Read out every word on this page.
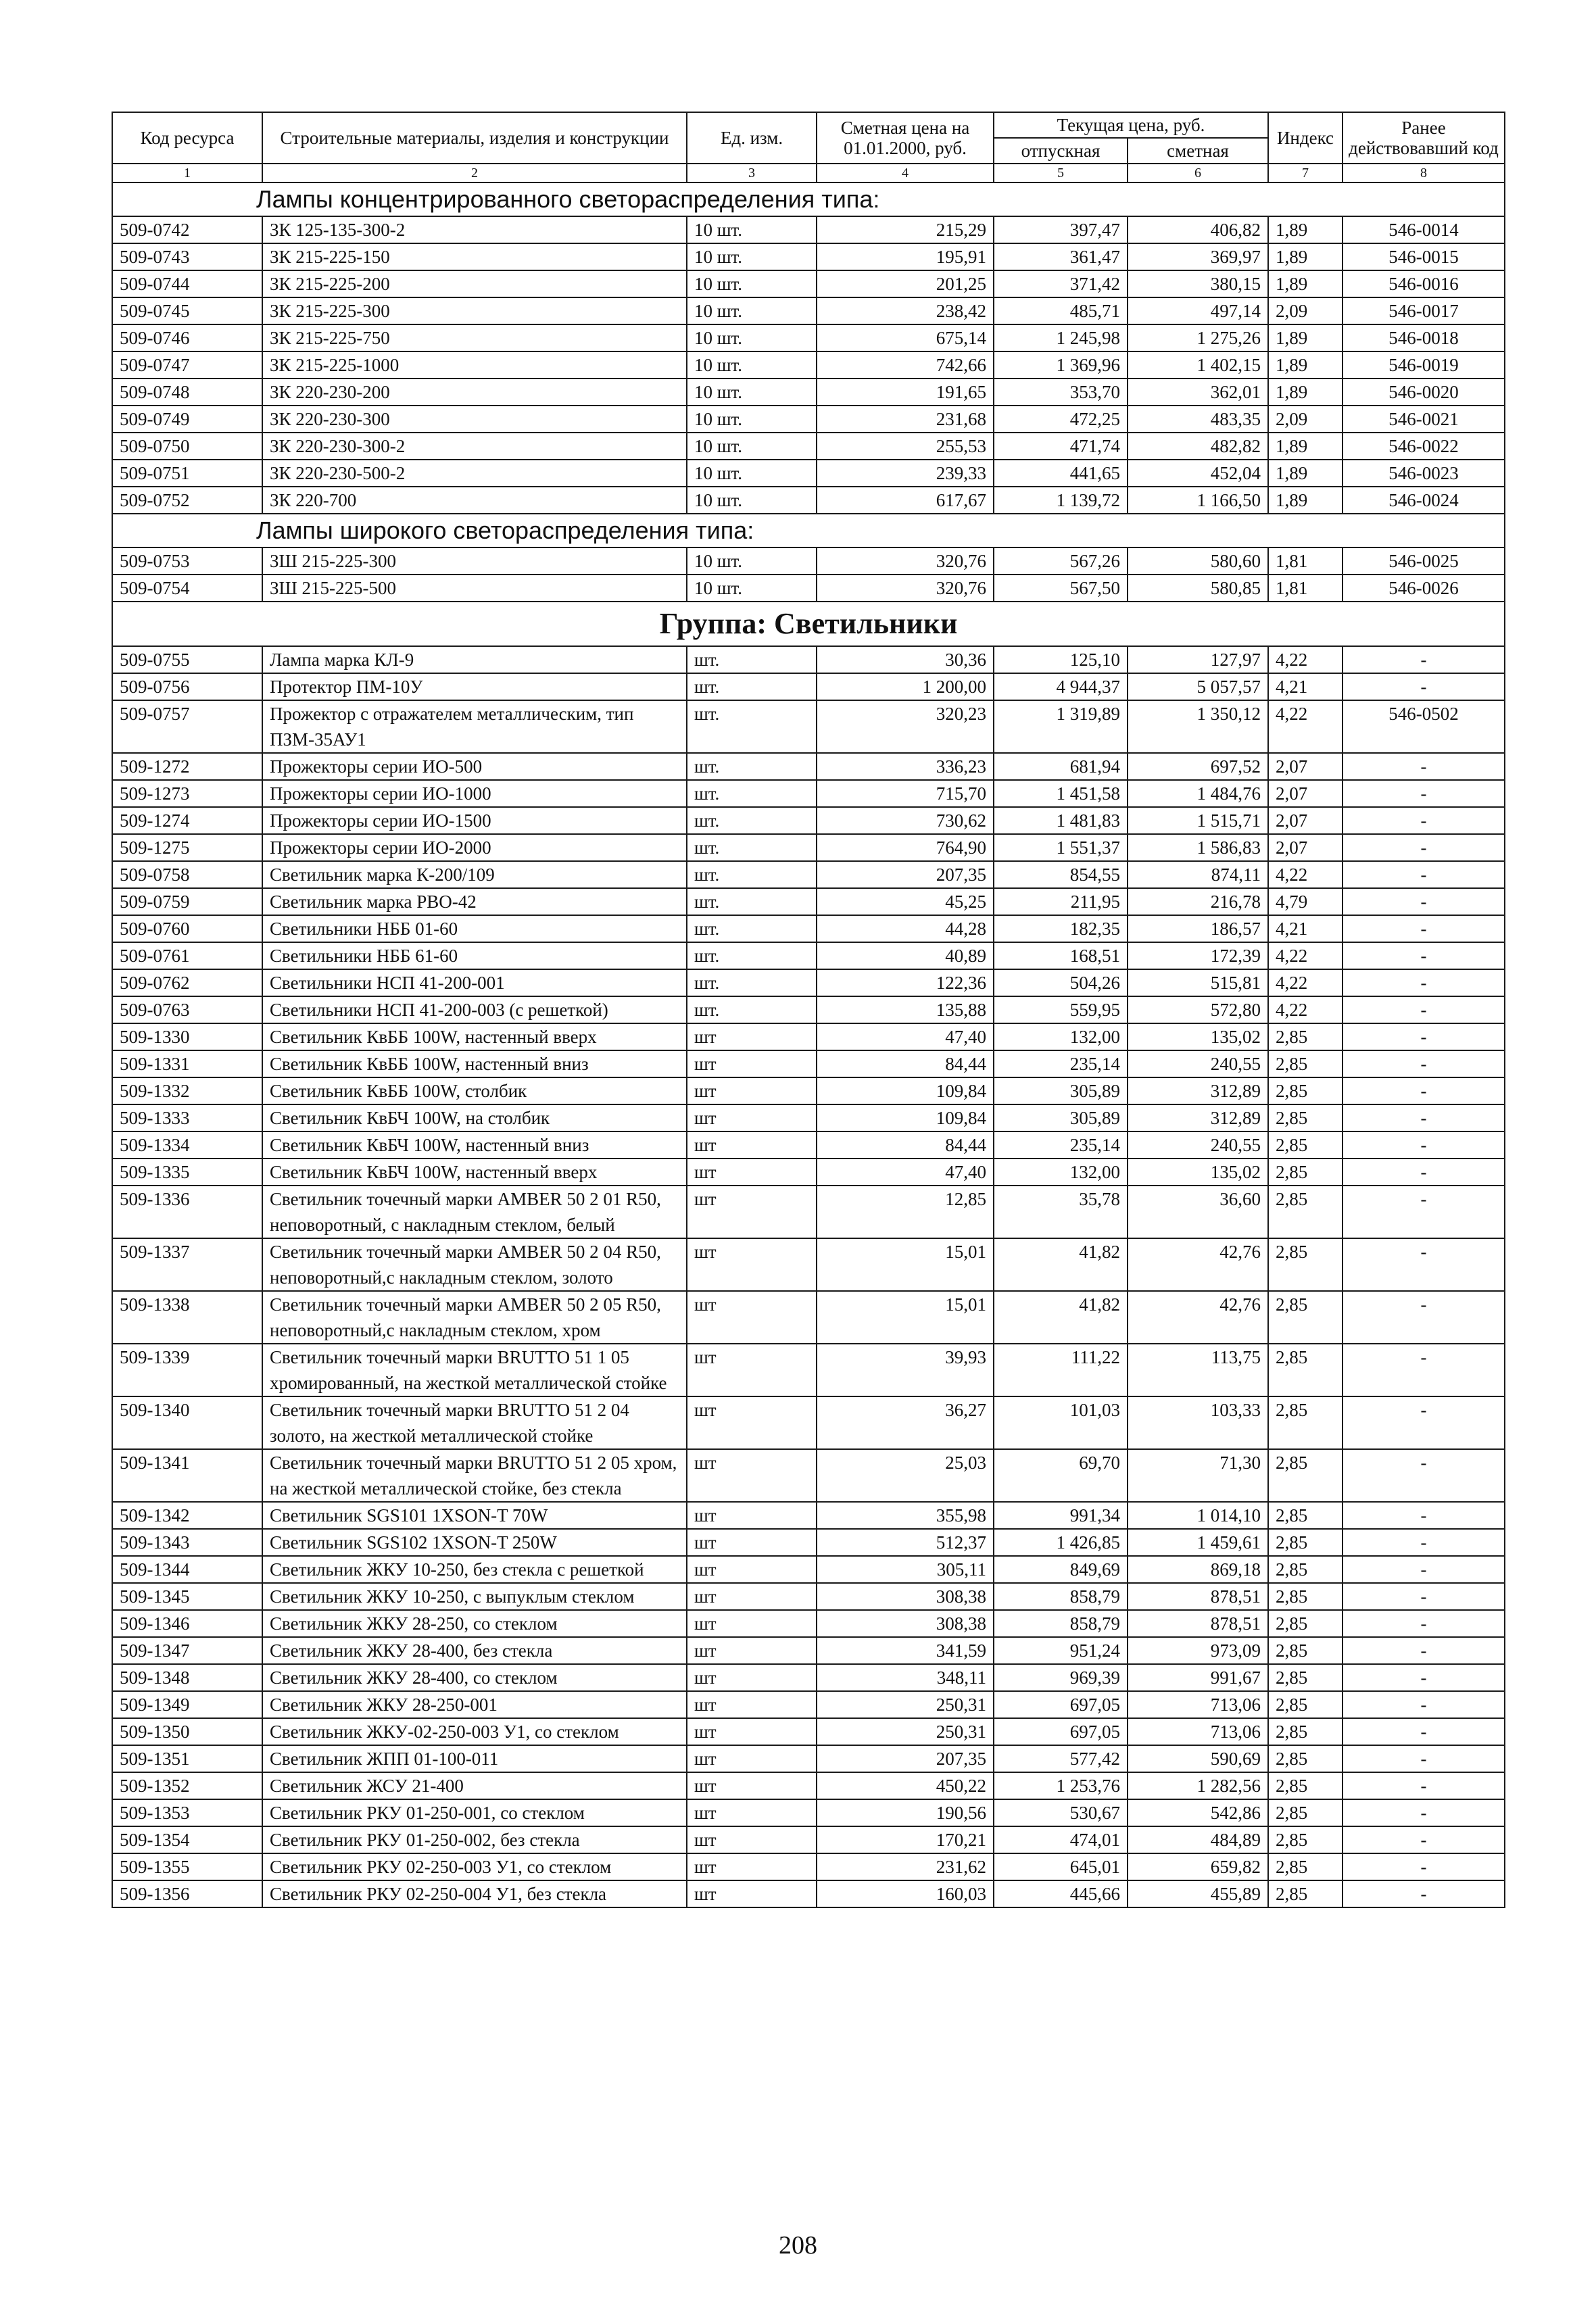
Код ресурса	Строительные материалы, изделия и конструкции	Ед. изм.	Сметная цена на 01.01.2000, руб.	Текущая цена, руб.		Индекс	Ранее действовавший код
				отпускная	сметная		
1	2	3	4	5	6	7	8
Лампы концентрированного светораспределения типа:							
509-0742	ЗК 125-135-300-2	10 шт.	215,29	397,47	406,82	1,89	546-0014
509-0743	ЗК 215-225-150	10 шт.	195,91	361,47	369,97	1,89	546-0015
509-0744	ЗК 215-225-200	10 шт.	201,25	371,42	380,15	1,89	546-0016
509-0745	ЗК 215-225-300	10 шт.	238,42	485,71	497,14	2,09	546-0017
509-0746	ЗК 215-225-750	10 шт.	675,14	1 245,98	1 275,26	1,89	546-0018
509-0747	ЗК 215-225-1000	10 шт.	742,66	1 369,96	1 402,15	1,89	546-0019
509-0748	ЗК 220-230-200	10 шт.	191,65	353,70	362,01	1,89	546-0020
509-0749	ЗК 220-230-300	10 шт.	231,68	472,25	483,35	2,09	546-0021
509-0750	ЗК 220-230-300-2	10 шт.	255,53	471,74	482,82	1,89	546-0022
509-0751	ЗК 220-230-500-2	10 шт.	239,33	441,65	452,04	1,89	546-0023
509-0752	ЗК 220-700	10 шт.	617,67	1 139,72	1 166,50	1,89	546-0024
Лампы широкого светораспределения типа:							
509-0753	ЗШ 215-225-300	10 шт.	320,76	567,26	580,60	1,81	546-0025
509-0754	ЗШ 215-225-500	10 шт.	320,76	567,50	580,85	1,81	546-0026
Группа: Светильники							
509-0755	Лампа марка КЛ-9	шт.	30,36	125,10	127,97	4,22	-
509-0756	Протектор ПМ-10У	шт.	1 200,00	4 944,37	5 057,57	4,21	-
509-0757	Прожектор с отражателем металлическим, тип ПЗМ-35АУ1	шт.	320,23	1 319,89	1 350,12	4,22	546-0502
509-1272	Прожекторы серии ИО-500	шт.	336,23	681,94	697,52	2,07	-
509-1273	Прожекторы серии ИО-1000	шт.	715,70	1 451,58	1 484,76	2,07	-
509-1274	Прожекторы серии ИО-1500	шт.	730,62	1 481,83	1 515,71	2,07	-
509-1275	Прожекторы серии ИО-2000	шт.	764,90	1 551,37	1 586,83	2,07	-
509-0758	Светильник марка К-200/109	шт.	207,35	854,55	874,11	4,22	-
509-0759	Светильник марка РВО-42	шт.	45,25	211,95	216,78	4,79	-
509-0760	Светильники НББ 01-60	шт.	44,28	182,35	186,57	4,21	-
509-0761	Светильники НББ 61-60	шт.	40,89	168,51	172,39	4,22	-
509-0762	Светильники НСП 41-200-001	шт.	122,36	504,26	515,81	4,22	-
509-0763	Светильники НСП 41-200-003 (с решеткой)	шт.	135,88	559,95	572,80	4,22	-
509-1330	Светильник КвББ 100W, настенный вверх	шт	47,40	132,00	135,02	2,85	-
509-1331	Светильник КвББ 100W, настенный вниз	шт	84,44	235,14	240,55	2,85	-
509-1332	Светильник КвББ 100W, столбик	шт	109,84	305,89	312,89	2,85	-
509-1333	Светильник КвБЧ 100W, на столбик	шт	109,84	305,89	312,89	2,85	-
509-1334	Светильник КвБЧ 100W, настенный вниз	шт	84,44	235,14	240,55	2,85	-
509-1335	Светильник КвБЧ 100W, настенный вверх	шт	47,40	132,00	135,02	2,85	-
509-1336	Светильник точечный марки AMBER 50 2 01 R50, неповоротный, с накладным стеклом, белый	шт	12,85	35,78	36,60	2,85	-
509-1337	Светильник точечный марки AMBER 50 2 04 R50, неповоротный,с накладным стеклом, золото	шт	15,01	41,82	42,76	2,85	-
509-1338	Светильник точечный марки AMBER 50 2 05 R50, неповоротный,с накладным стеклом, хром	шт	15,01	41,82	42,76	2,85	-
509-1339	Светильник точечный марки BRUTTO 51 1 05 хромированный, на жесткой металлической стойке	шт	39,93	111,22	113,75	2,85	-
509-1340	Светильник точечный марки BRUTTO 51 2 04 золото, на жесткой металлической стойке	шт	36,27	101,03	103,33	2,85	-
509-1341	Светильник точечный марки BRUTTO 51 2 05 хром, на жесткой металлической стойке, без стекла	шт	25,03	69,70	71,30	2,85	-
509-1342	Светильник SGS101 1XSON-T 70W	шт	355,98	991,34	1 014,10	2,85	-
509-1343	Светильник SGS102 1XSON-T 250W	шт	512,37	1 426,85	1 459,61	2,85	-
509-1344	Светильник ЖКУ 10-250, без стекла с решеткой	шт	305,11	849,69	869,18	2,85	-
509-1345	Светильник ЖКУ 10-250, с выпуклым стеклом	шт	308,38	858,79	878,51	2,85	-
509-1346	Светильник ЖКУ 28-250, со стеклом	шт	308,38	858,79	878,51	2,85	-
509-1347	Светильник ЖКУ 28-400, без стекла	шт	341,59	951,24	973,09	2,85	-
509-1348	Светильник ЖКУ 28-400, со стеклом	шт	348,11	969,39	991,67	2,85	-
509-1349	Светильник ЖКУ 28-250-001	шт	250,31	697,05	713,06	2,85	-
509-1350	Светильник ЖКУ-02-250-003 У1, со стеклом	шт	250,31	697,05	713,06	2,85	-
509-1351	Светильник ЖПП 01-100-011	шт	207,35	577,42	590,69	2,85	-
509-1352	Светильник ЖСУ 21-400	шт	450,22	1 253,76	1 282,56	2,85	-
509-1353	Светильник РКУ 01-250-001, со стеклом	шт	190,56	530,67	542,86	2,85	-
509-1354	Светильник РКУ 01-250-002, без стекла	шт	170,21	474,01	484,89	2,85	-
509-1355	Светильник РКУ 02-250-003 У1, со стеклом	шт	231,62	645,01	659,82	2,85	-
509-1356	Светильник РКУ 02-250-004 У1, без стекла	шт	160,03	445,66	455,89	2,85	-
208
